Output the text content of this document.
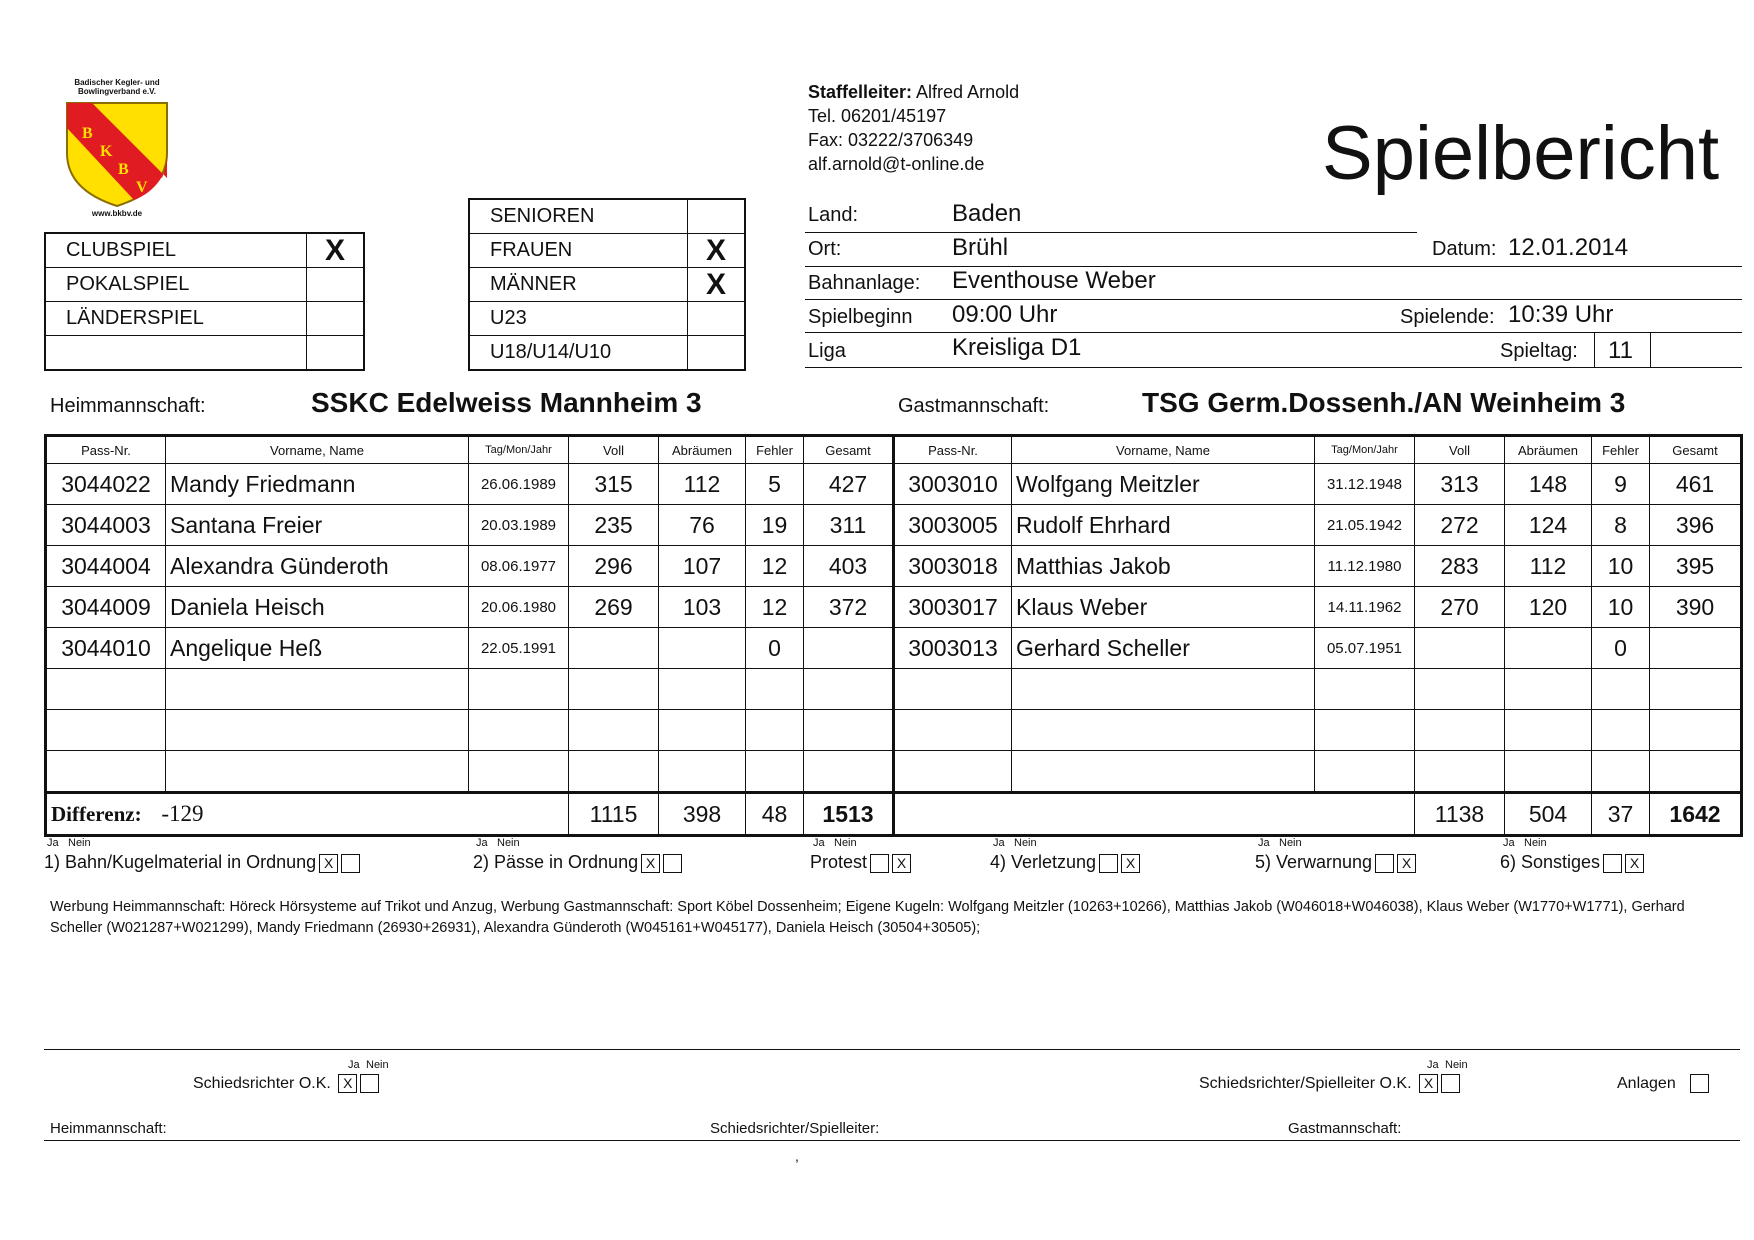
Badischer Kegler- und
Bowlingverband e.V.
B
K
B
V
www.bkbv.de
CLUBSPIEL	X
POKALSPIEL	
LÄNDERSPIEL	

SENIOREN	
FRAUEN	X
MÄNNER	X
U23	
U18/U14/U10	
Staffelleiter: Alfred Arnold
Tel. 06201/45197
Fax: 03222/3706349
alf.arnold@t-online.de	Spielbericht
Land:	Baden
Ort:	Brühl	Datum: 12.01.2014
Bahnanlage: Eventhouse Weber
Spielbeginn 09:00 Uhr	Spielende: 10:39 Uhr
Liga	Kreisliga D1	Spieltag: 11
Heimmannschaft:	SSKC Edelweiss Mannheim 3	Gastmannschaft:	TSG Germ.Dossenh./AN Weinheim 3
Pass-Nr.	Vorname, Name	Tag/Mon/Jahr	Voll	Abräumen	Fehler	Gesamt	Pass-Nr.	Vorname, Name	Tag/Mon/Jahr	Voll	Abräumen	Fehler	Gesamt
3044022	Mandy Friedmann	26.06.1989	315	112	5	427	3003010	Wolfgang Meitzler	31.12.1948	313	148	9	461
3044003	Santana Freier	20.03.1989	235	76	19	311	3003005	Rudolf Ehrhard	21.05.1942	272	124	8	396
3044004	Alexandra Günderoth	08.06.1977	296	107	12	403	3003018	Matthias Jakob	11.12.1980	283	112	10	395
3044009	Daniela Heisch	20.06.1980	269	103	12	372	3003017	Klaus Weber	14.11.1962	270	120	10	390
3044010	Angelique Heß	22.05.1991			0		3003013	Gerhard Scheller	05.07.1951			0	

Differenz: -129			1115	398	48	1513				1138	504	37	1642
1) Bahn/Kugelmaterial in Ordnung X	2) Pässe in Ordnung X	Protest X	4) Verletzung X	5) Verwarnung X	6) Sonstiges X
Ja Nein	Ja Nein	Ja Nein	Ja Nein	Ja Nein	Ja Nein
Werbung Heimmannschaft: Höreck Hörsysteme auf Trikot und Anzug, Werbung Gastmannschaft: Sport Köbel Dossenheim; Eigene Kugeln: Wolfgang Meitzler (10263+10266), Matthias Jakob (W046018+W046038), Klaus Weber (W1770+W1771), Gerhard Scheller (W021287+W021299), Mandy Friedmann (26930+26931), Alexandra Günderoth (W045161+W045177), Daniela Heisch (30504+30505);
Ja Nein
Schiedsrichter O.K. X
Ja Nein
Schiedsrichter/Spielleiter O.K. X	Anlagen
Heimmannschaft:	Schiedsrichter/Spielleiter:	Gastmannschaft:
,
